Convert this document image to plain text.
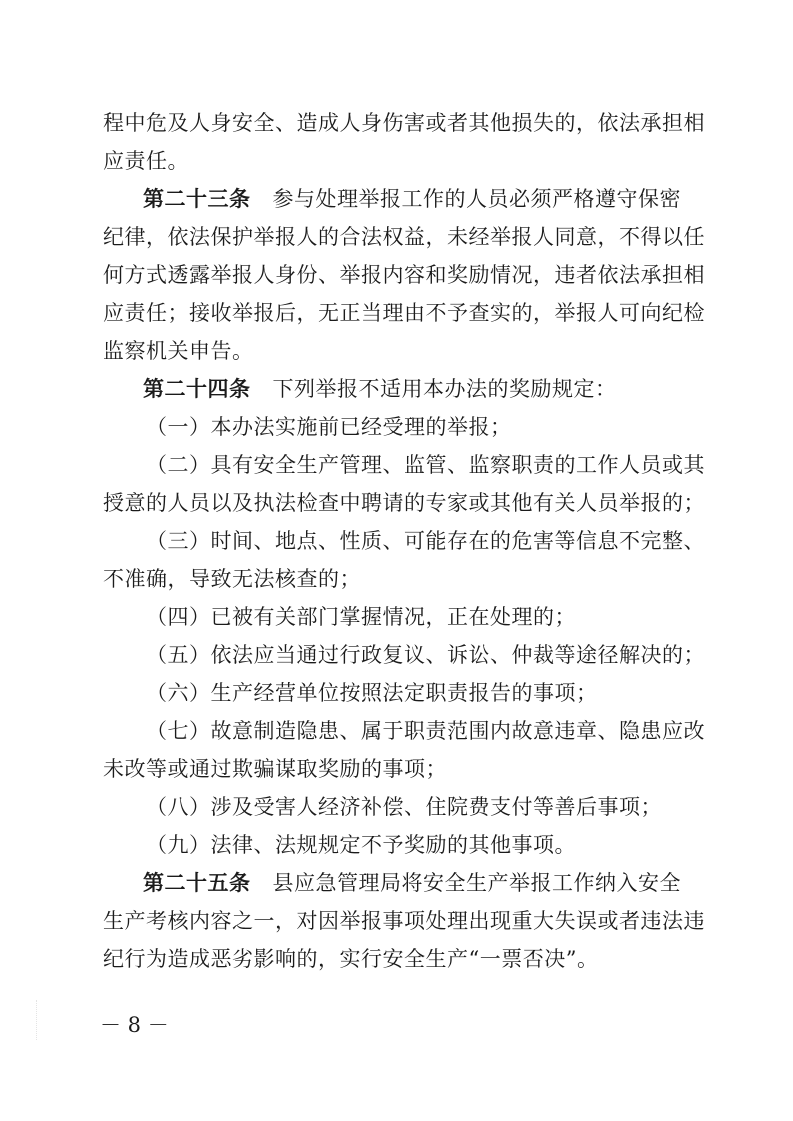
程中危及人身安全、造成人身伤害或者其他损失的，依法承担相
应责任。
第二十三条 参与处理举报工作的人员必须严格遵守保密
纪律，依法保护举报人的合法权益，未经举报人同意，不得以任
何方式透露举报人身份、举报内容和奖励情况，违者依法承担相
应责任；接收举报后，无正当理由不予查实的，举报人可向纪检
监察机关申告。
第二十四条 下列举报不适用本办法的奖励规定：
（一）本办法实施前已经受理的举报；
（二）具有安全生产管理、监管、监察职责的工作人员或其
授意的人员以及执法检查中聘请的专家或其他有关人员举报的；
（三）时间、地点、性质、可能存在的危害等信息不完整、
不准确，导致无法核查的；
（四）已被有关部门掌握情况，正在处理的；
（五）依法应当通过行政复议、诉讼、仲裁等途径解决的；
（六）生产经营单位按照法定职责报告的事项；
（七）故意制造隐患、属于职责范围内故意违章、隐患应改
未改等或通过欺骗谋取奖励的事项；
（八）涉及受害人经济补偿、住院费支付等善后事项；
（九）法律、法规规定不予奖励的其他事项。
第二十五条 县应急管理局将安全生产举报工作纳入安全
生产考核内容之一，对因举报事项处理出现重大失误或者违法违
纪行为造成恶劣影响的，实行安全生产“一票否决”。
－ 8 －
